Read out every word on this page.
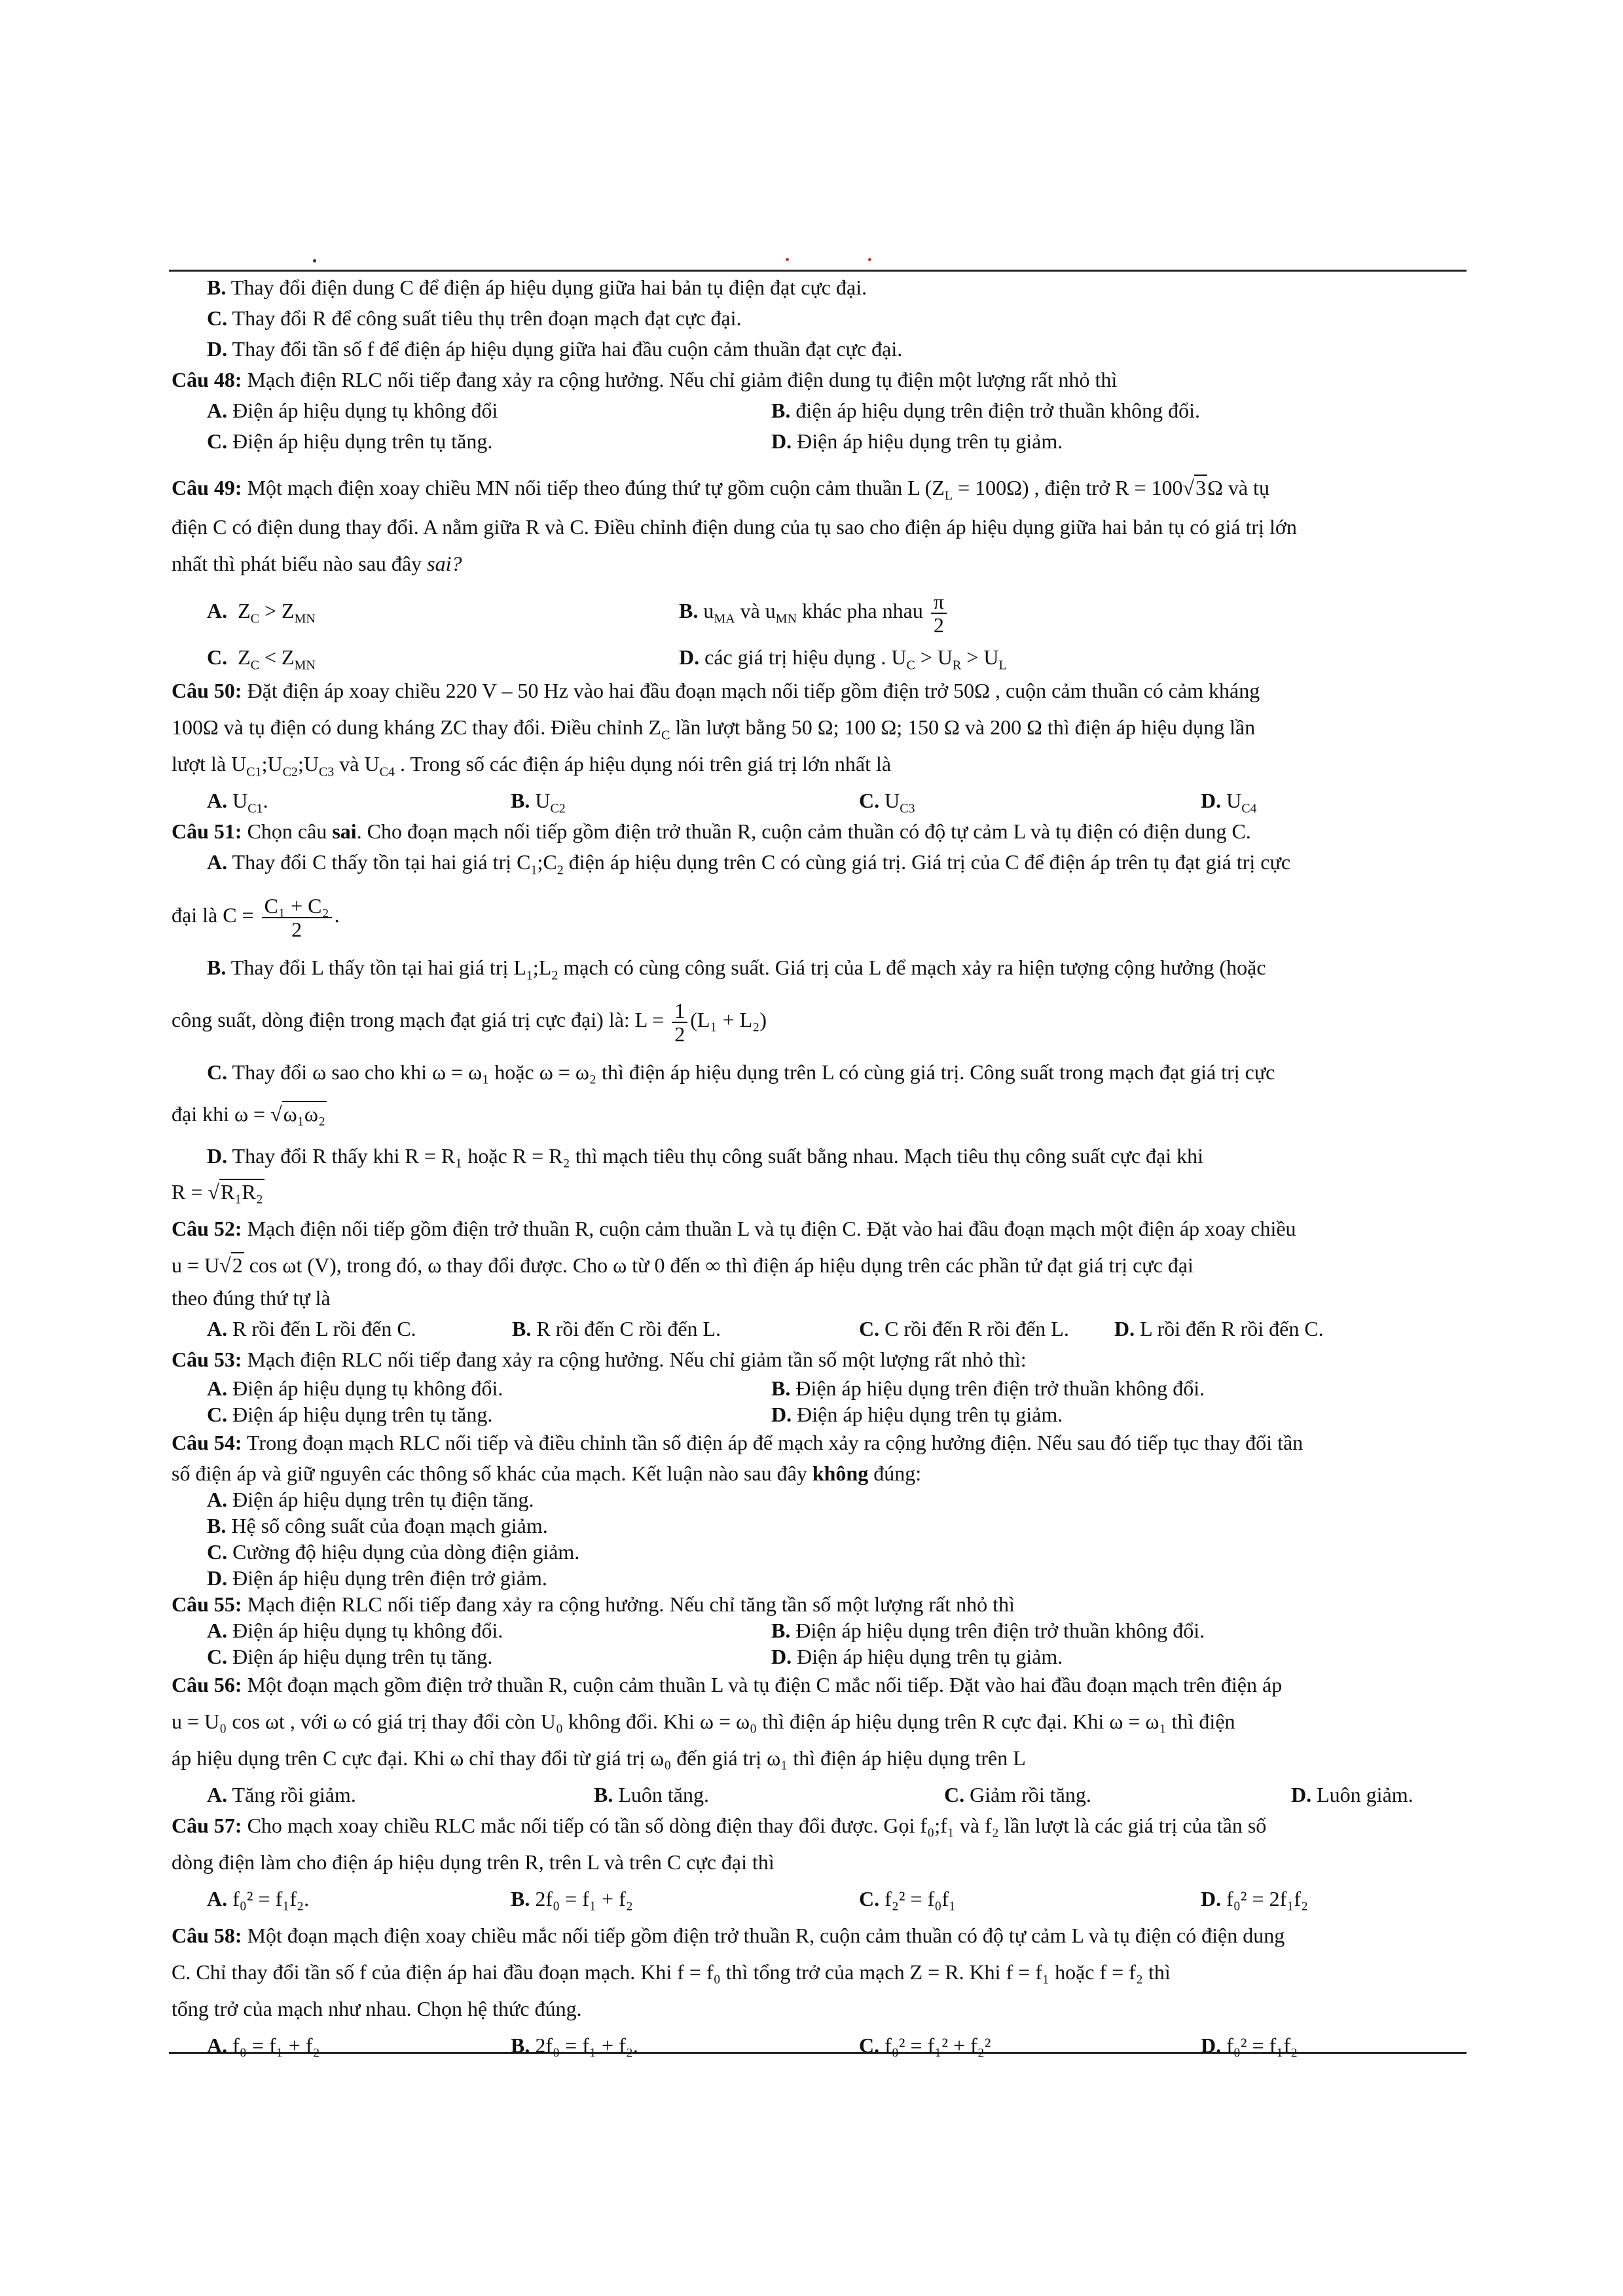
B. Thay đổi điện dung C để điện áp hiệu dụng giữa hai bản tụ điện đạt cực đại.
C. Thay đổi R để công suất tiêu thụ trên đoạn mạch đạt cực đại.
D. Thay đổi tần số f để điện áp hiệu dụng giữa hai đầu cuộn cảm thuần đạt cực đại.
Câu 48: Mạch điện RLC nối tiếp đang xảy ra cộng hưởng. Nếu chỉ giảm điện dung tụ điện một lượng rất nhỏ thì
A. Điện áp hiệu dụng tụ không đổi	B. điện áp hiệu dụng trên điện trở thuần không đổi.
C. Điện áp hiệu dụng trên tụ tăng.	D. Điện áp hiệu dụng trên tụ giảm.
Câu 49: Một mạch điện xoay chiều MN nối tiếp theo đúng thứ tự gồm cuộn cảm thuần L $(Z_L = 100\Omega)$ , điện trở R = 100√3Ω và tụ
điện C có điện dung thay đổi. A nằm giữa R và C. Điều chỉnh điện dung của tụ sao cho điện áp hiệu dụng giữa hai bản tụ có giá trị lớn
nhất thì phát biểu nào sau đây sai?
A. $Z_C > Z_{MN}$	B. $u_{MA}$ và $u_{MN}$ khác pha nhau $\frac{\pi}{2}$
C. $Z_C < Z_{MN}$	D. các giá trị hiệu dụng . $U_C > U_R > U_L$
Câu 50: Đặt điện áp xoay chiều 220 V – 50 Hz vào hai đầu đoạn mạch nối tiếp gồm điện trở 50Ω , cuộn cảm thuần có cảm kháng
100Ω và tụ điện có dung kháng ZC thay đổi. Điều chỉnh $Z_C$ lần lượt bằng 50 Ω; 100 Ω; 150 Ω và 200 Ω thì điện áp hiệu dụng lần
lượt là $U_{C1};U_{C2};U_{C3}$ và $U_{C4}$ . Trong số các điện áp hiệu dụng nói trên giá trị lớn nhất là
A. $U_{C1}$.	B. $U_{C2}$	C. $U_{C3}$	D. $U_{C4}$
Câu 51: Chọn câu sai. Cho đoạn mạch nối tiếp gồm điện trở thuần R, cuộn cảm thuần có độ tự cảm L và tụ điện có điện dung C.
A. Thay đổi C thấy tồn tại hai giá trị $C_1;C_2$ điện áp hiệu dụng trên C có cùng giá trị. Giá trị của C để điện áp trên tụ đạt giá trị cực
đại là $C = \frac{\text{C₁ + C₂}}{2}$ .
B. Thay đổi L thấy tồn tại hai giá trị $L_1;L_2$ mạch có cùng công suất. Giá trị của L để mạch xảy ra hiện tượng cộng hưởng (hoặc
công suất, dòng điện trong mạch đạt giá trị cực đại) là: $L = \frac{1}{2} (L_1 + L_2)$
C. Thay đổi ω sao cho khi ω = ω₁ hoặc ω = ω₂ thì điện áp hiệu dụng trên L có cùng giá trị. Công suất trong mạch đạt giá trị cực
đại khi ω = √ω₁ω₂
D. Thay đổi R thấy khi R = R₁ hoặc R = R₂ thì mạch tiêu thụ công suất bằng nhau. Mạch tiêu thụ công suất cực đại khi
R = √R₁R₂
Câu 52: Mạch điện nối tiếp gồm điện trở thuần R, cuộn cảm thuần L và tụ điện C. Đặt vào hai đầu đoạn mạch một điện áp xoay chiều
u = U√2 cos ωt (V), trong đó, ω thay đổi được. Cho ω từ 0 đến ∞ thì điện áp hiệu dụng trên các phần tử đạt giá trị cực đại
theo đúng thứ tự là
A. R rồi đến L rồi đến C.	B. R rồi đến C rồi đến L.	C. C rồi đến R rồi đến L. D. L rồi đến R rồi đến C.
Câu 53: Mạch điện RLC nối tiếp đang xảy ra cộng hưởng. Nếu chỉ giảm tần số một lượng rất nhỏ thì:
A. Điện áp hiệu dụng tụ không đổi.	B. Điện áp hiệu dụng trên điện trở thuần không đổi.
C. Điện áp hiệu dụng trên tụ tăng.	D. Điện áp hiệu dụng trên tụ giảm.
Câu 54: Trong đoạn mạch RLC nối tiếp và điều chỉnh tần số điện áp để mạch xảy ra cộng hưởng điện. Nếu sau đó tiếp tục thay đổi tần
số điện áp và giữ nguyên các thông số khác của mạch. Kết luận nào sau đây không đúng:
A. Điện áp hiệu dụng trên tụ điện tăng.
B. Hệ số công suất của đoạn mạch giảm.
C. Cường độ hiệu dụng của dòng điện giảm.
D. Điện áp hiệu dụng trên điện trở giảm.
Câu 55: Mạch điện RLC nối tiếp đang xảy ra cộng hưởng. Nếu chỉ tăng tần số một lượng rất nhỏ thì
A. Điện áp hiệu dụng tụ không đổi.	B. Điện áp hiệu dụng trên điện trở thuần không đổi.
C. Điện áp hiệu dụng trên tụ tăng.	D. Điện áp hiệu dụng trên tụ giảm.
Câu 56: Một đoạn mạch gồm điện trở thuần R, cuộn cảm thuần L và tụ điện C mắc nối tiếp. Đặt vào hai đầu đoạn mạch trên điện áp
u = U₀ cos ωt , với ω có giá trị thay đổi còn U₀ không đổi. Khi ω = ω₀ thì điện áp hiệu dụng trên R cực đại. Khi ω = ω₁ thì điện
áp hiệu dụng trên C cực đại. Khi ω chỉ thay đổi từ giá trị ω₀ đến giá trị ω₁ thì điện áp hiệu dụng trên L
A. Tăng rồi giảm.	B. Luôn tăng.	C. Giảm rồi tăng.	D. Luôn giảm.
Câu 57: Cho mạch xoay chiều RLC mắc nối tiếp có tần số dòng điện thay đổi được. Gọi f₀;f₁ và f₂ lần lượt là các giá trị của tần số
dòng điện làm cho điện áp hiệu dụng trên R, trên L và trên C cực đại thì
A. f₀² = f₁f₂.	B. 2f₀ = f₁ + f₂	C. f₂² = f₀f₁	D. f₀² = 2f₁f₂
Câu 58: Một đoạn mạch điện xoay chiều mắc nối tiếp gồm điện trở thuần R, cuộn cảm thuần có độ tự cảm L và tụ điện có điện dung
C. Chỉ thay đổi tần số f của điện áp hai đầu đoạn mạch. Khi f = f₀ thì tổng trở của mạch Z = R. Khi f = f₁ hoặc f = f₂ thì
tổng trở của mạch như nhau. Chọn hệ thức đúng.
A. f₀ = f₁ + f₂	B. 2f₀ = f₁ + f₂.	C. f₀² = f₁² + f₂²	D. f₀² = f₁f₂
